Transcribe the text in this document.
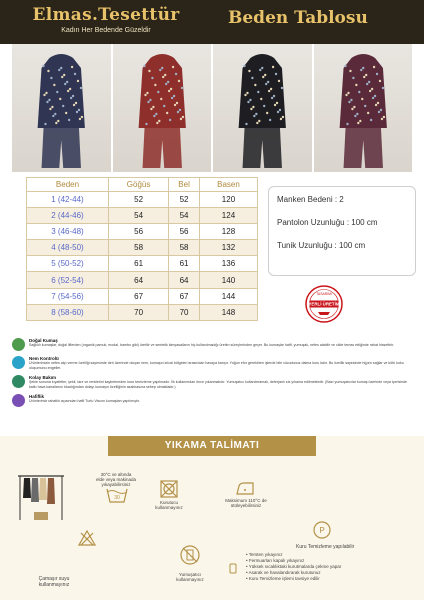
Elmas.Tesettür
Kadın Her Bedende Güzeldir
Beden Tablosu
Beden	Göğüs	Bel	Basen
1 (42-44)	52	52	120
2 (44-46)	54	54	124
3 (46-48)	56	56	128
4 (48-50)	58	58	132
5 (50-52)	61	61	136
6 (52-54)	64	64	140
7 (54-56)	67	67	144
8 (58-60)	70	70	148
Manken Bedeni : 2
Pantolon Uzunluğu : 100 cm
Tunik Uzunluğu : 100 cm
TASARIMI
YERLİ ÜRETİM
Doğal Kumaş
Sağlıklı kumaşlar, doğal liflerden (organik pamuk, modal, bambu gibi) üretilir ve sentetik kimyasalların hiç kullanılmadığı üretim süreçlerinden geçer. Bu kumaşlar hafif, yumuşak, nefes alabilir ve cilde temas ettiğinde rahat hissettirir.
Nem Kontrolü
Ürünlerimizin nefes alıp verme özelliği sayesinde deri üzerinde oluşan nem, kumaşın kılcal bölgeleri arasından havaya karışır. Yoğun efor gerektiren işlerde bile vücudunuz daima kuru kalır. Bu özellik sayesinde hijyen sağlar ve kötü koku oluşumunu engeller.
Kolay Bakım
Şekle sonuna kıyafetler, şekli, tarz ve renklerini kaybetmeden kuru temizleme yapılmadır. İlk kullanımdan önce yıkanmalıdır. Yumuşatıcı kullanılmamalı, deterjanlı sık yıkama edilmektedir. (Bazı yumuşatıcılar kumaş üzerinde veya içerisinde katkı hava kanallarını tıkadığından dolayı kumaşın özelliğinin azalmasına sebep olmaktadır.)
Hafiflik
Ürünlerimiz rahatlık açısından hafif Turlu Viscon kumaştan yapılmıştır.
YIKAMA TALİMATI
30
30°C ve altında
elde veya makinada
yıkayabilirsiniz
Kurutucu
kullanmayınız
Maksimum 110°C de
ütüleyebilirsiniz
Çamaşır suyu
kullanmayınız
Yumuşatıcı
kullanmayınız
P
Kuru Temizleme yapılabilir
• Tersten yıkayınız
• Fermuarları kapalı yıkayınız
• Yüksek sıcaklıktaki kurutmalarda çekme yapar
• Asarak ve havalandırarak kurutunuz
• Kuru Temizleme işlemi tavsiye edilir
